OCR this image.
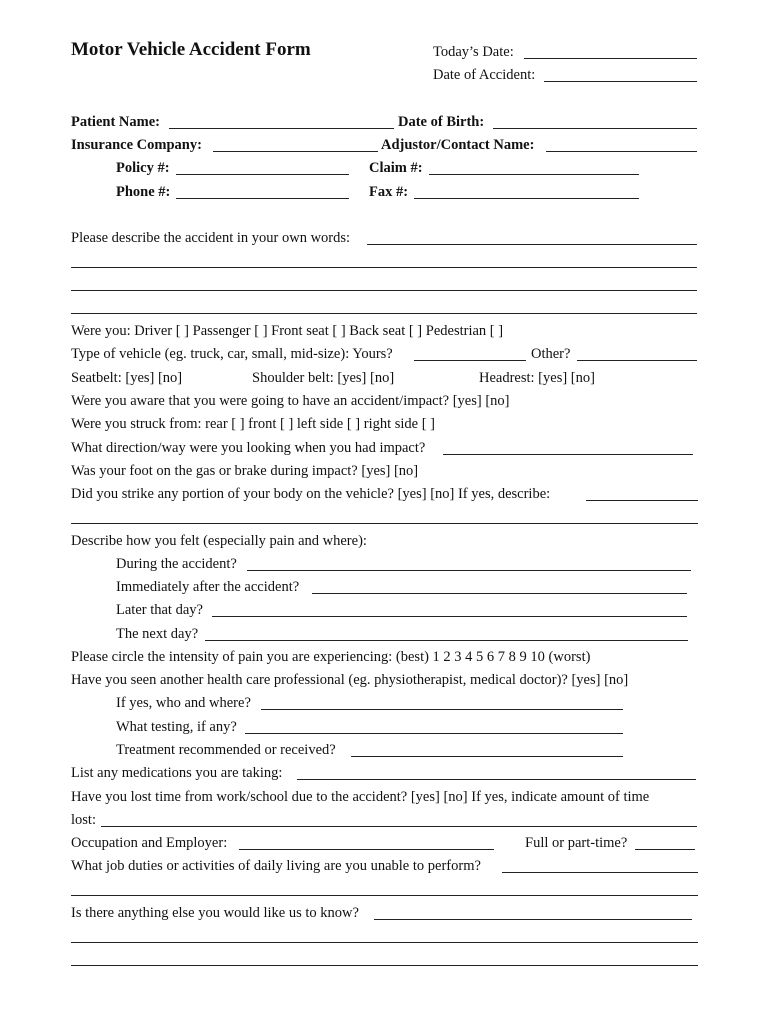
Motor Vehicle Accident Form	Today’s Date:
Date of Accident:
Patient Name:	Date of Birth:
Insurance Company:	Adjustor/Contact Name:
Policy #:	Claim #:
Phone #:	Fax #:
Please describe the accident in your own words:
Were you: Driver [ ] Passenger [ ] Front seat [ ] Back seat [ ] Pedestrian [ ]
Type of vehicle (eg. truck, car, small, mid-size): Yours?	Other?
Seatbelt: [yes] [no]	Shoulder belt: [yes] [no]	Headrest: [yes] [no]
Were you aware that you were going to have an accident/impact? [yes] [no]
Were you struck from: rear [ ] front [ ] left side [ ] right side [ ]
What direction/way were you looking when you had impact?
Was your foot on the gas or brake during impact? [yes] [no]
Did you strike any portion of your body on the vehicle? [yes] [no] If yes, describe:
Describe how you felt (especially pain and where):
During the accident?
Immediately after the accident?
Later that day?
The next day?
Please circle the intensity of pain you are experiencing: (best) 1 2 3 4 5 6 7 8 9 10 (worst)
Have you seen another health care professional (eg. physiotherapist, medical doctor)? [yes] [no]
If yes, who and where?
What testing, if any?
Treatment recommended or received?
List any medications you are taking:
Have you lost time from work/school due to the accident? [yes] [no] If yes, indicate amount of time
lost:
Occupation and Employer:	Full or part-time?
What job duties or activities of daily living are you unable to perform?
Is there anything else you would like us to know?
